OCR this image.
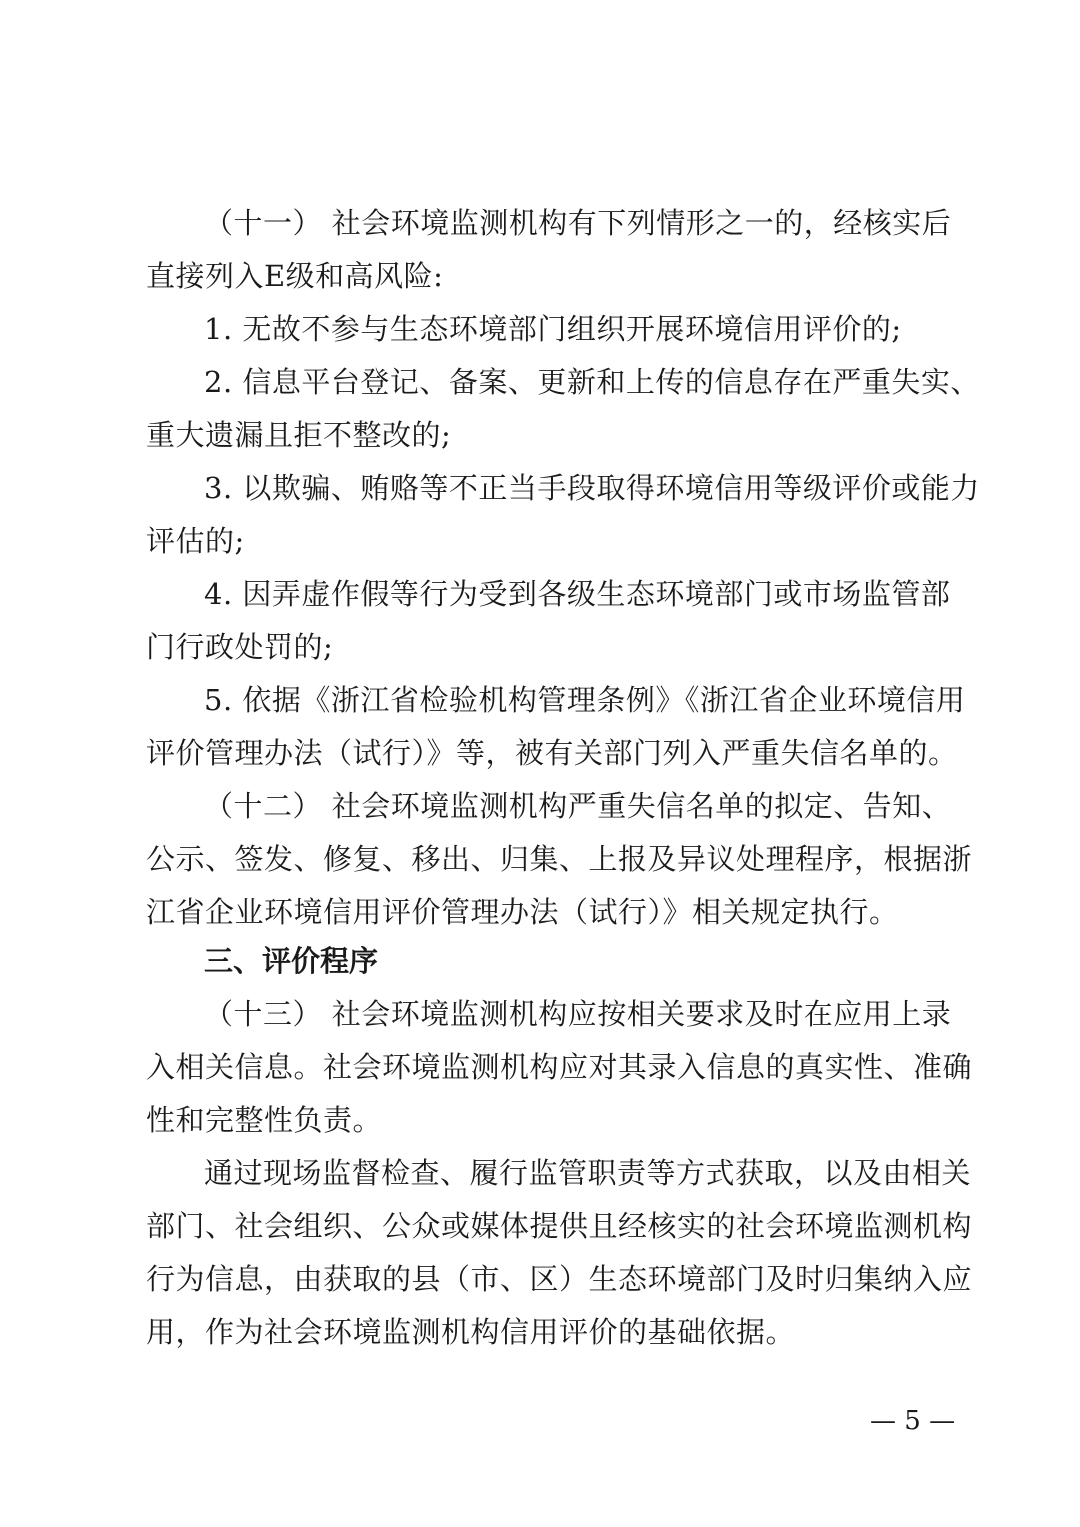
（十一） 社会环境监测机构有下列情形之一的，经核实后
直接列入E级和高风险:
1. 无故不参与生态环境部门组织开展环境信用评价的;
2. 信息平台登记、备案、更新和上传的信息存在严重失实、
重大遗漏且拒不整改的;
3. 以欺骗、贿赂等不正当手段取得环境信用等级评价或能力
评估的;
4. 因弄虚作假等行为受到各级生态环境部门或市场监管部
门行政处罚的;
5. 依据《浙江省检验机构管理条例》《浙江省企业环境信用
评价管理办法（试行）》等，被有关部门列入严重失信名单的。
（十二） 社会环境监测机构严重失信名单的拟定、告知、
公示、签发、修复、移出、归集、上报及异议处理程序，根据浙
江省企业环境信用评价管理办法（试行）》相关规定执行。
三、评价程序
（十三） 社会环境监测机构应按相关要求及时在应用上录
入相关信息。社会环境监测机构应对其录入信息的真实性、准确
性和完整性负责。
通过现场监督检查、履行监管职责等方式获取，以及由相关
部门、社会组织、公众或媒体提供且经核实的社会环境监测机构
行为信息，由获取的县（市、区）生态环境部门及时归集纳入应
用，作为社会环境监测机构信用评价的基础依据。
— 5 —
